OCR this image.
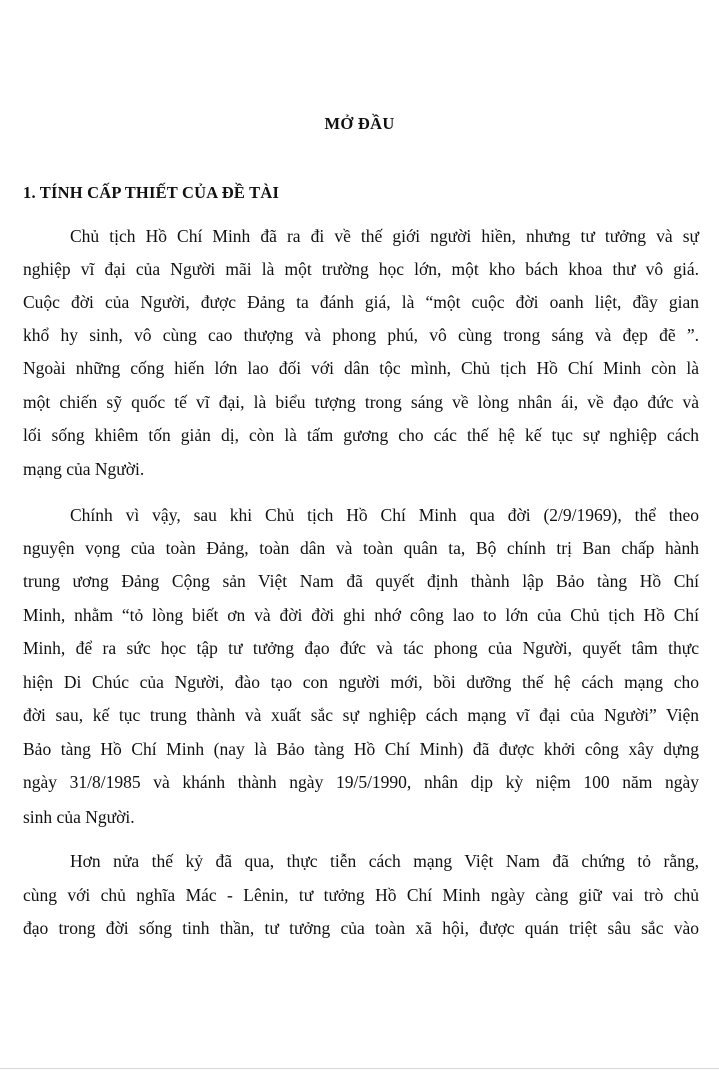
MỞ ĐẦU
1. TÍNH CẤP THIẾT CỦA ĐỀ TÀI
Chủ tịch Hồ Chí Minh đã ra đi về thế giới người hiền, nhưng tư tưởng và sự
nghiệp vĩ đại của Người mãi là một trường học lớn, một kho bách khoa thư vô giá.
Cuộc đời của Người, được Đảng ta đánh giá, là “một cuộc đời oanh liệt, đầy gian
khổ hy sinh, vô cùng cao thượng và phong phú, vô cùng trong sáng và đẹp đẽ ”.
Ngoài những cống hiến lớn lao đối với dân tộc mình, Chủ tịch Hồ Chí Minh còn là
một chiến sỹ quốc tế vĩ đại, là biểu tượng trong sáng về lòng nhân ái, về đạo đức và
lối sống khiêm tốn giản dị, còn là tấm gương cho các thế hệ kế tục sự nghiệp cách
mạng của Người.
Chính vì vậy, sau khi Chủ tịch Hồ Chí Minh qua đời (2/9/1969), thể theo
nguyện vọng của toàn Đảng, toàn dân và toàn quân ta, Bộ chính trị Ban chấp hành
trung ương Đảng Cộng sản Việt Nam đã quyết định thành lập Bảo tàng Hồ Chí
Minh, nhằm “tỏ lòng biết ơn và đời đời ghi nhớ công lao to lớn của Chủ tịch Hồ Chí
Minh, để ra sức học tập tư tưởng đạo đức và tác phong của Người, quyết tâm thực
hiện Di Chúc của Người, đào tạo con người mới, bồi dưỡng thế hệ cách mạng cho
đời sau, kế tục trung thành và xuất sắc sự nghiệp cách mạng vĩ đại của Người” Viện
Bảo tàng Hồ Chí Minh (nay là Bảo tàng Hồ Chí Minh) đã được khởi công xây dựng
ngày 31/8/1985 và khánh thành ngày 19/5/1990, nhân dịp kỳ niệm 100 năm ngày
sinh của Người.
Hơn nửa thế kỷ đã qua, thực tiễn cách mạng Việt Nam đã chứng tỏ rằng,
cùng với chủ nghĩa Mác - Lênin, tư tưởng Hồ Chí Minh ngày càng giữ vai trò chủ
đạo trong đời sống tinh thần, tư tưởng của toàn xã hội, được quán triệt sâu sắc vào
